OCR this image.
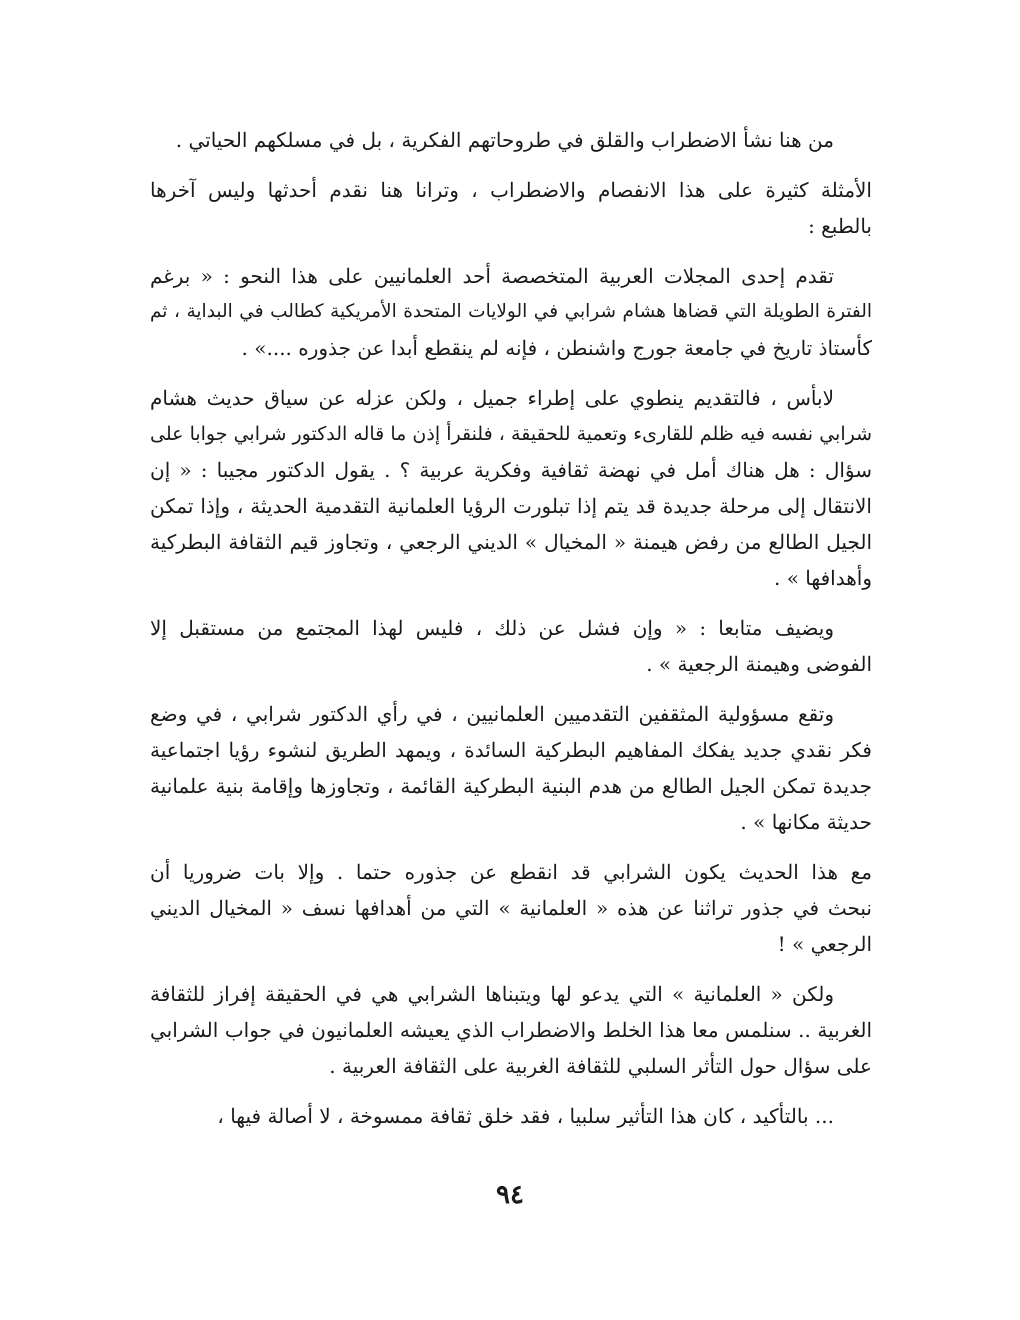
من هنا نشأ الاضطراب والقلق في طروحاتهم الفكرية ، بل في مسلكهم الحياتي .
الأمثلة كثيرة على هذا الانفصام والاضطراب ، وترانا هنا نقدم أحدثها وليس آخرها
بالطبع :
تقدم إحدى المجلات العربية المتخصصة أحد العلمانيين على هذا النحو : « برغم
الفترة الطويلة التي قضاها هشام شرابي في الولايات المتحدة الأمريكية كطالب في البداية ، ثم
كأستاذ تاريخ في جامعة جورج واشنطن ، فإنه لم ينقطع أبدا عن جذوره ....» .
لابأس ، فالتقديم ينطوي على إطراء جميل ، ولكن عزله عن سياق حديث هشام
شرابي نفسه فيه ظلم للقارىء وتعمية للحقيقة ، فلنقرأ إذن ما قاله الدكتور شرابي جوابا على
سؤال : هل هناك أمل في نهضة ثقافية وفكرية عربية ؟ . يقول الدكتور مجيبا : « إن
الانتقال إلى مرحلة جديدة قد يتم إذا تبلورت الرؤيا العلمانية التقدمية الحديثة ، وإذا تمكن
الجيل الطالع من رفض هيمنة « المخيال » الديني الرجعي ، وتجاوز قيم الثقافة البطركية
وأهدافها » .
ويضيف متابعا : « وإن فشل عن ذلك ، فليس لهذا المجتمع من مستقبل إلا
الفوضى وهيمنة الرجعية » .
وتقع مسؤولية المثقفين التقدميين العلمانيين ، في رأي الدكتور شرابي ، في وضع
فكر نقدي جديد يفكك المفاهيم البطركية السائدة ، ويمهد الطريق لنشوء رؤيا اجتماعية
جديدة تمكن الجيل الطالع من هدم البنية البطركية القائمة ، وتجاوزها وإقامة بنية علمانية
حديثة مكانها » .
مع هذا الحديث يكون الشرابي قد انقطع عن جذوره حتما . وإلا بات ضروريا أن
نبحث في جذور تراثنا عن هذه « العلمانية » التي من أهدافها نسف « المخيال الديني
الرجعي » !
ولكن « العلمانية » التي يدعو لها ويتبناها الشرابي هي في الحقيقة إفراز للثقافة
الغربية .. سنلمس معا هذا الخلط والاضطراب الذي يعيشه العلمانيون في جواب الشرابي
على سؤال حول التأثر السلبي للثقافة الغربية على الثقافة العربية .
... بالتأكيد ، كان هذا التأثير سلبيا ، فقد خلق ثقافة ممسوخة ، لا أصالة فيها ،
٩٤
